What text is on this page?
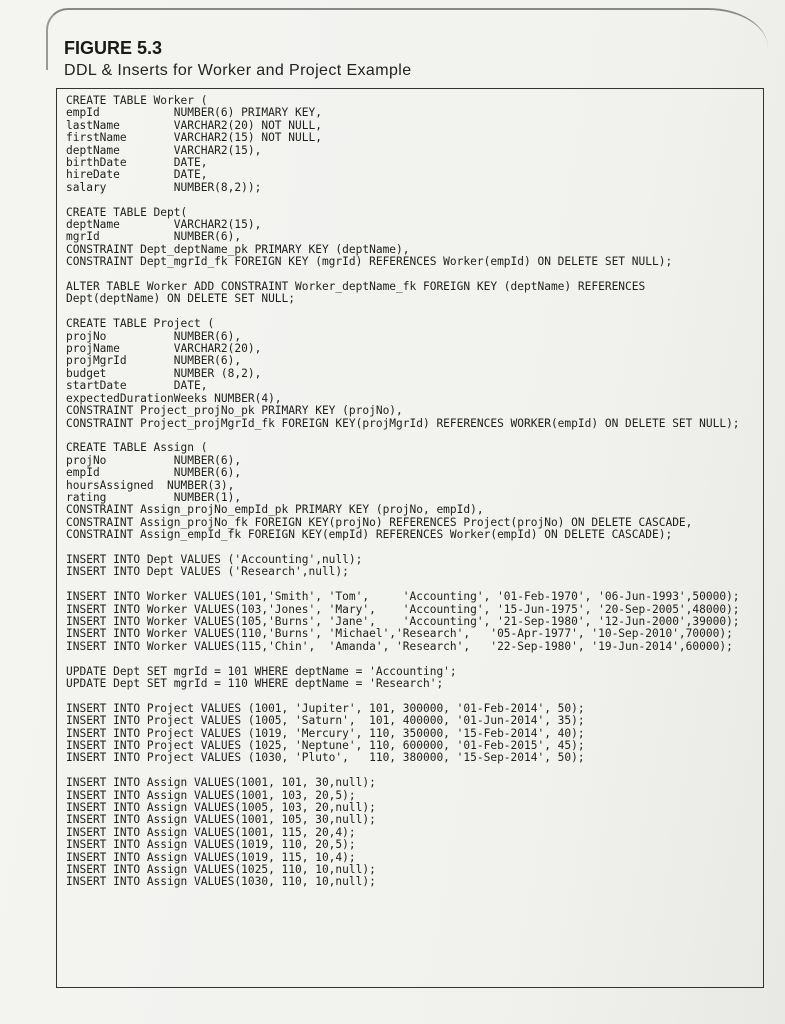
FIGURE 5.3

DDL & Inserts for Worker and Project Example

CREATE TABLE Worker (
empId           NUMBER(6) PRIMARY KEY,
lastName        VARCHAR2(20) NOT NULL,
firstName       VARCHAR2(15) NOT NULL,
deptName        VARCHAR2(15),
birthDate       DATE,
hireDate        DATE,
salary          NUMBER(8,2));
CREATE TABLE Dept(
deptName        VARCHAR2(15),
mgrId           NUMBER(6),
CONSTRAINT Dept_deptName_pk PRIMARY KEY (deptName),
CONSTRAINT Dept_mgrId_fk FOREIGN KEY (mgrId) REFERENCES Worker(empId) ON DELETE SET NULL);
ALTER TABLE Worker ADD CONSTRAINT Worker_deptName_fk FOREIGN KEY (deptName) REFERENCES
Dept(deptName) ON DELETE SET NULL;
CREATE TABLE Project (
projNo          NUMBER(6),
projName        VARCHAR2(20),
projMgrId       NUMBER(6),
budget          NUMBER (8,2),
startDate       DATE,
expectedDurationWeeks NUMBER(4),
CONSTRAINT Project_projNo_pk PRIMARY KEY (projNo),
CONSTRAINT Project_projMgrId_fk FOREIGN KEY(projMgrId) REFERENCES WORKER(empId) ON DELETE SET NULL);
CREATE TABLE Assign (
projNo          NUMBER(6),
empId           NUMBER(6),
hoursAssigned  NUMBER(3),
rating          NUMBER(1),
CONSTRAINT Assign_projNo_empId_pk PRIMARY KEY (projNo, empId),
CONSTRAINT Assign_projNo_fk FOREIGN KEY(projNo) REFERENCES Project(projNo) ON DELETE CASCADE,
CONSTRAINT Assign_empId_fk FOREIGN KEY(empId) REFERENCES Worker(empId) ON DELETE CASCADE);
INSERT INTO Dept VALUES ('Accounting',null);
INSERT INTO Dept VALUES ('Research',null);
INSERT INTO Worker VALUES(101,'Smith', 'Tom',     'Accounting', '01-Feb-1970', '06-Jun-1993',50000);
INSERT INTO Worker VALUES(103,'Jones', 'Mary',    'Accounting', '15-Jun-1975', '20-Sep-2005',48000);
INSERT INTO Worker VALUES(105,'Burns', 'Jane',    'Accounting', '21-Sep-1980', '12-Jun-2000',39000);
INSERT INTO Worker VALUES(110,'Burns', 'Michael','Research',   '05-Apr-1977', '10-Sep-2010',70000);
INSERT INTO Worker VALUES(115,'Chin',  'Amanda', 'Research',   '22-Sep-1980', '19-Jun-2014',60000);
UPDATE Dept SET mgrId = 101 WHERE deptName = 'Accounting';
UPDATE Dept SET mgrId = 110 WHERE deptName = 'Research';
INSERT INTO Project VALUES (1001, 'Jupiter', 101, 300000, '01-Feb-2014', 50);
INSERT INTO Project VALUES (1005, 'Saturn',  101, 400000, '01-Jun-2014', 35);
INSERT INTO Project VALUES (1019, 'Mercury', 110, 350000, '15-Feb-2014', 40);
INSERT INTO Project VALUES (1025, 'Neptune', 110, 600000, '01-Feb-2015', 45);
INSERT INTO Project VALUES (1030, 'Pluto',   110, 380000, '15-Sep-2014', 50);
INSERT INTO Assign VALUES(1001, 101, 30,null);
INSERT INTO Assign VALUES(1001, 103, 20,5);
INSERT INTO Assign VALUES(1005, 103, 20,null);
INSERT INTO Assign VALUES(1001, 105, 30,null);
INSERT INTO Assign VALUES(1001, 115, 20,4);
INSERT INTO Assign VALUES(1019, 110, 20,5);
INSERT INTO Assign VALUES(1019, 115, 10,4);
INSERT INTO Assign VALUES(1025, 110, 10,null);
INSERT INTO Assign VALUES(1030, 110, 10,null);
